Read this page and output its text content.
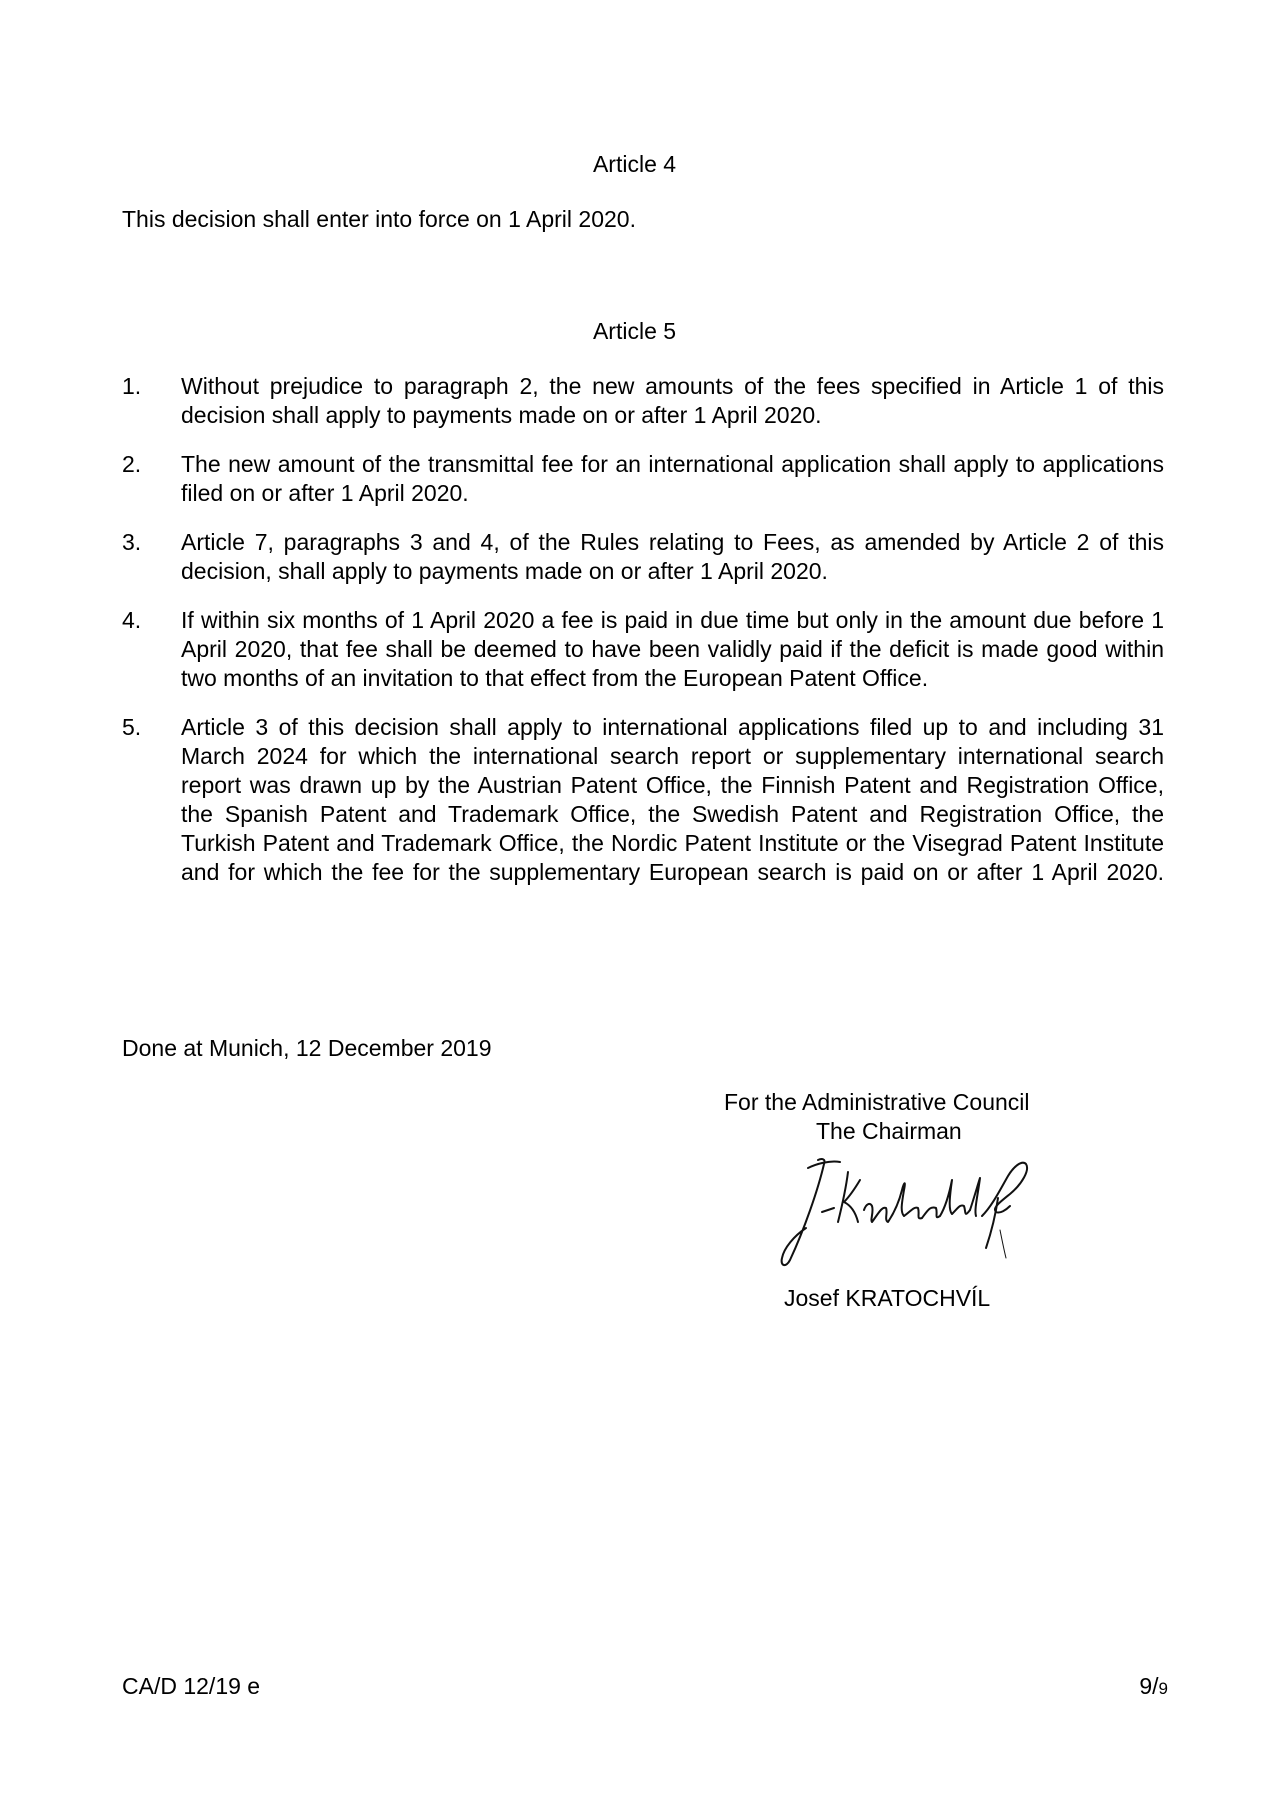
Article 4
This decision shall enter into force on 1 April 2020.
Article 5
1.	Without prejudice to paragraph 2, the new amounts of the fees specified in Article 1 of this decision shall apply to payments made on or after 1 April 2020.
2.	The new amount of the transmittal fee for an international application shall apply to applications filed on or after 1 April 2020.
3.	Article 7, paragraphs 3 and 4, of the Rules relating to Fees, as amended by Article 2 of this decision, shall apply to payments made on or after 1 April 2020.
4.	If within six months of 1 April 2020 a fee is paid in due time but only in the amount due before 1 April 2020, that fee shall be deemed to have been validly paid if the deficit is made good within two months of an invitation to that effect from the European Patent Office.
5.	Article 3 of this decision shall apply to international applications filed up to and including 31 March 2024 for which the international search report or supplementary international search report was drawn up by the Austrian Patent Office, the Finnish Patent and Registration Office, the Spanish Patent and Trademark Office, the Swedish Patent and Registration Office, the Turkish Patent and Trademark Office, the Nordic Patent Institute or the Visegrad Patent Institute and for which the fee for the supplementary European search is paid on or after 1 April 2020.
Done at Munich, 12 December 2019
For the Administrative Council
The Chairman
J. Kratochvíl
Josef KRATOCHVÍL
CA/D 12/19 e	9/9
